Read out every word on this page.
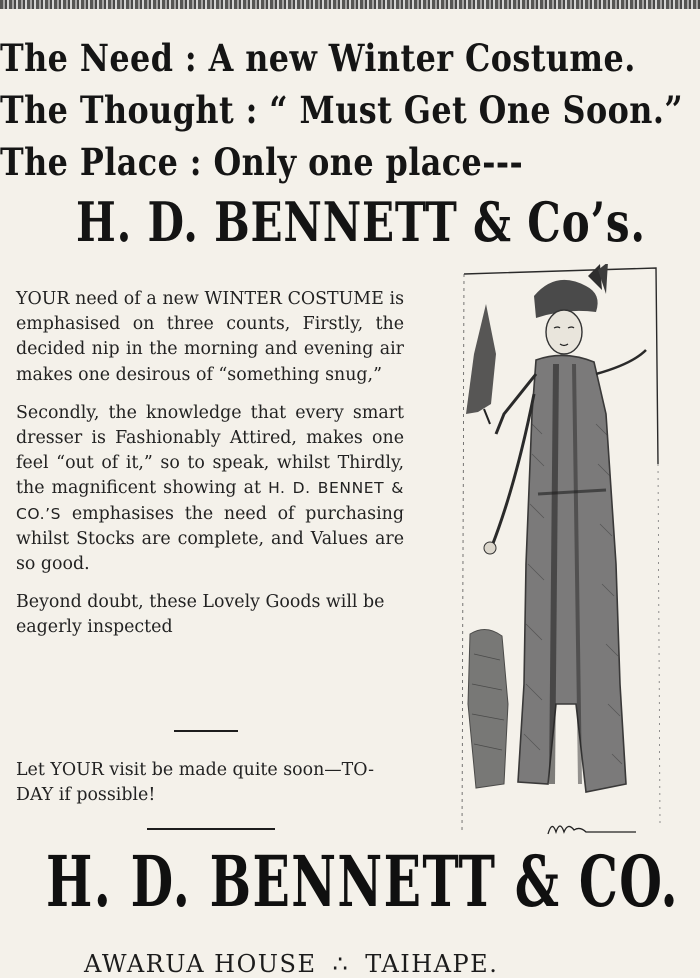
The Need : A new Winter Costume.
The Thought : “ Must Get One Soon.”
The Place : Only one place---
H. D. BENNETT & Co’s.

YOUR need of a new WINTER COSTUME is emphasised on three counts, Firstly, the decided nip in the morning and evening air makes one desirous of “something snug,”

Secondly, the knowledge that every smart dresser is Fashionably Attired, makes one feel “out of it,” so to speak, whilst Thirdly, the magnificent showing at H. D. BENNET & CO.’S emphasises the need of purchasing whilst Stocks are complete, and Values are so good.

Beyond doubt, these Lovely Goods will be eagerly inspected

Let YOUR visit be made quite soon—TO-DAY if possible!
H. D. BENNETT & CO.
AWARUA HOUSE ∴ TAIHAPE.
